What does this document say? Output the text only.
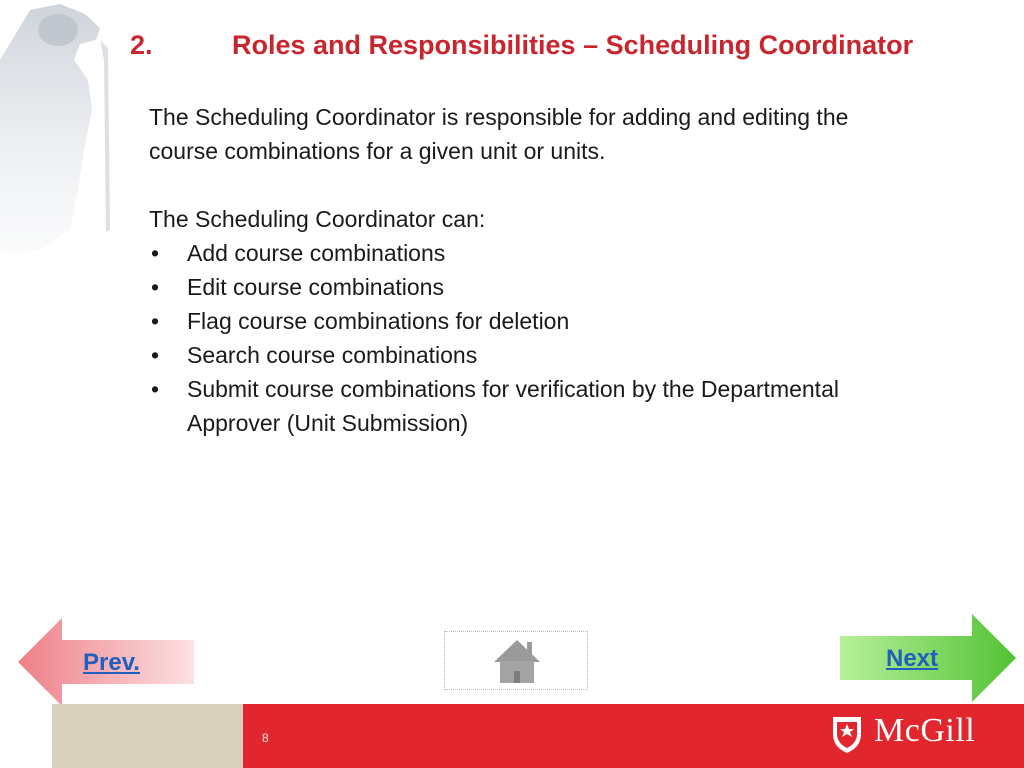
2.	Roles and Responsibilities – Scheduling Coordinator

The Scheduling Coordinator is responsible for adding and editing the

course combinations for a given unit or units.

The Scheduling Coordinator can:

• Add course combinations
• Edit course combinations
• Flag course combinations for deletion
• Search course combinations
• Submit course combinations for verification by the Departmental
Approver (Unit Submission)
Prev.	Next
8	McGill
